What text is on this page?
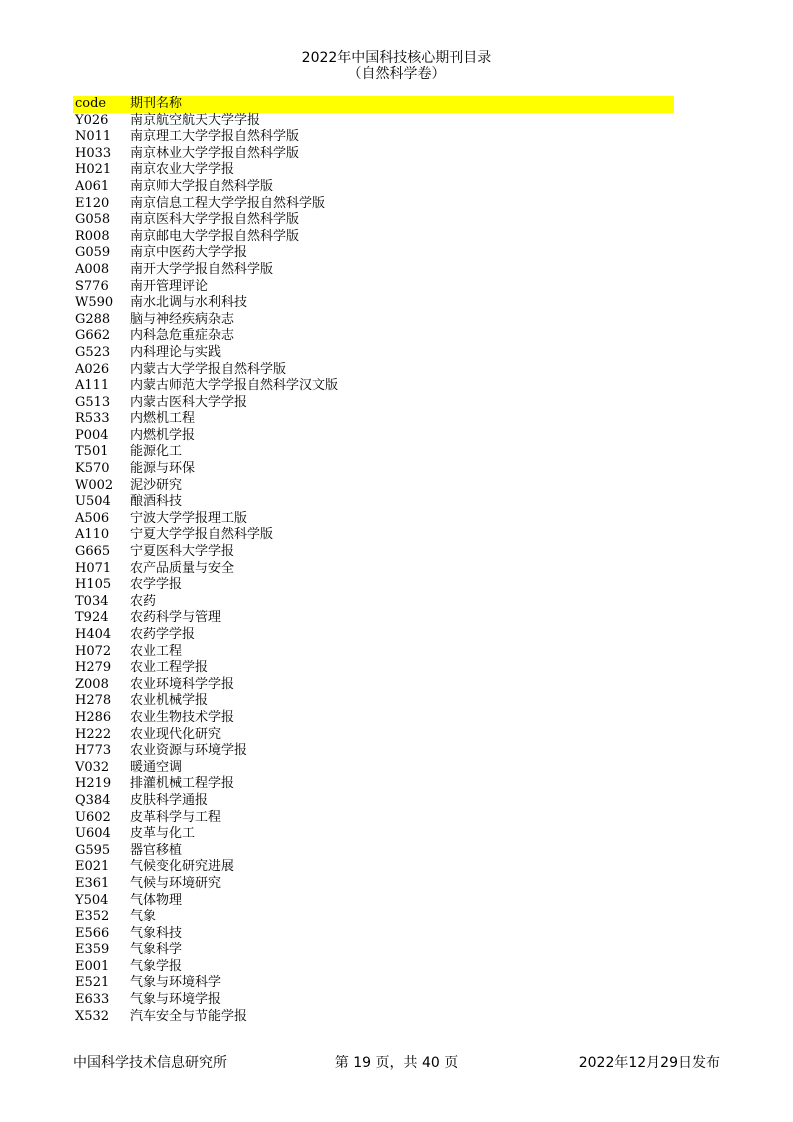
2022年中国科技核心期刊目录
（自然科学卷）
code 期刊名称
Y026 南京航空航天大学学报
N011 南京理工大学学报自然科学版
H033 南京林业大学学报自然科学版
H021 南京农业大学学报
A061 南京师大学报自然科学版
E120 南京信息工程大学学报自然科学版
G058 南京医科大学学报自然科学版
R008 南京邮电大学学报自然科学版
G059 南京中医药大学学报
A008 南开大学学报自然科学版
S776 南开管理评论
W590 南水北调与水利科技
G288 脑与神经疾病杂志
G662 内科急危重症杂志
G523 内科理论与实践
A026 内蒙古大学学报自然科学版
A111 内蒙古师范大学学报自然科学汉文版
G513 内蒙古医科大学学报
R533 内燃机工程
P004 内燃机学报
T501 能源化工
K570 能源与环保
W002 泥沙研究
U504 酿酒科技
A506 宁波大学学报理工版
A110 宁夏大学学报自然科学版
G665 宁夏医科大学学报
H071 农产品质量与安全
H105 农学学报
T034 农药
T924 农药科学与管理
H404 农药学学报
H072 农业工程
H279 农业工程学报
Z008 农业环境科学学报
H278 农业机械学报
H286 农业生物技术学报
H222 农业现代化研究
H773 农业资源与环境学报
V032 暖通空调
H219 排灌机械工程学报
Q384 皮肤科学通报
U602 皮革科学与工程
U604 皮革与化工
G595 器官移植
E021 气候变化研究进展
E361 气候与环境研究
Y504 气体物理
E352 气象
E566 气象科技
E359 气象科学
E001 气象学报
E521 气象与环境科学
E633 气象与环境学报
X532 汽车安全与节能学报
中国科学技术信息研究所	第 19 页，共 40 页	2022年12月29日发布
